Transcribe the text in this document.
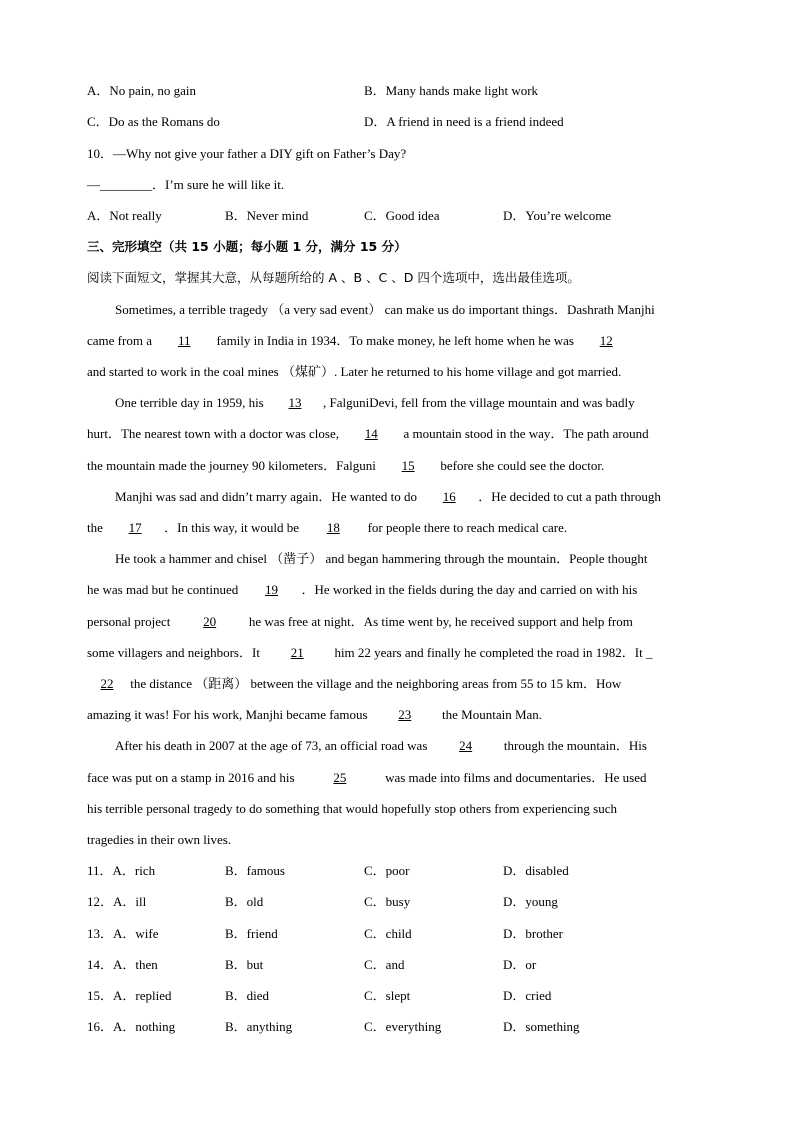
A．No pain, no gain	B．Many hands make light work
C．Do as the Romans do	D．A friend in need is a friend indeed
10．—Why not give your father a DIY gift on Father’s Day?
—________．I’m sure he will like it.
A．Not really	B．Never mind	C．Good idea	D．You’re welcome
三、完形填空（共 15 小题；每小题 1 分，满分 15 分）
阅读下面短文，掌握其大意，从每题所给的 A 、B 、C 、D 四个选项中，选出最佳选项。
Sometimes, a terrible tragedy （a very sad event） can make us do important things．Dashrath Manjhi
came from a 11 family in India in 1934．To make money, he left home when he was 12
and started to work in the coal mines （煤矿）. Later he returned to his home village and got married.
One terrible day in 1959, his 13 , FalguniDevi, fell from the village mountain and was badly
hurt．The nearest town with a doctor was close, 14 a mountain stood in the way．The path around
the mountain made the journey 90 kilometers．Falguni 15 before she could see the doctor.
Manjhi was sad and didn’t marry again．He wanted to do 16 ．He decided to cut a path through
the 17 ．In this way, it would be 18 for people there to reach medical care.
He took a hammer and chisel （凿子） and began hammering through the mountain．People thought
he was mad but he continued 19 ．He worked in the fields during the day and carried on with his
personal project 20 he was free at night．As time went by, he received support and help from
some villagers and neighbors．It 21 him 22 years and finally he completed the road in 1982．It _
22 the distance （距离） between the village and the neighboring areas from 55 to 15 km．How
amazing it was! For his work, Manjhi became famous 23 the Mountain Man.
After his death in 2007 at the age of 73, an official road was 24 through the mountain．His
face was put on a stamp in 2016 and his	25	was made into films and documentaries．He used
his terrible personal tragedy to do something that would hopefully stop others from experiencing such
tragedies in their own lives.
11．A．rich	B．famous	C．poor	D．disabled
12．A．ill	B．old	C．busy	D．young
13．A．wife	B．friend	C．child	D．brother
14．A．then	B．but	C．and	D．or
15．A．replied	B．died	C．slept	D．cried
16．A．nothing	B．anything	C．everything	D．something
